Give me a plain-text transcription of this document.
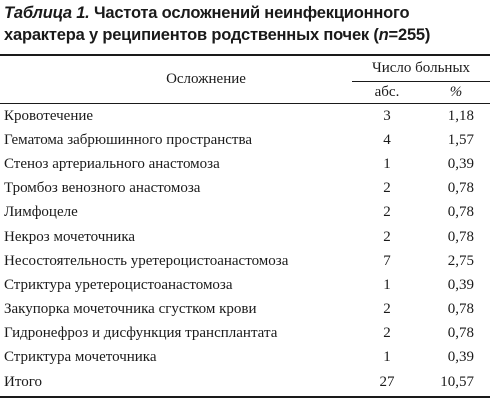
Таблица 1. Частота осложнений неинфекционного характера у реципиентов родственных почек (n=255)
Осложнение	Число больных	
	абс.	%
Кровотечение	3	1,18
Гематома забрюшинного пространства	4	1,57
Стеноз артериального анастомоза	1	0,39
Тромбоз венозного анастомоза	2	0,78
Лимфоцеле	2	0,78
Некроз мочеточника	2	0,78
Несостоятельность уретероцистоанастомоза	7	2,75
Стриктура уретероцистоанастомоза	1	0,39
Закупорка мочеточника сгустком крови	2	0,78
Гидронефроз и дисфункция трансплантата	2	0,78
Стриктура мочеточника	1	0,39
Итого	27	10,57
